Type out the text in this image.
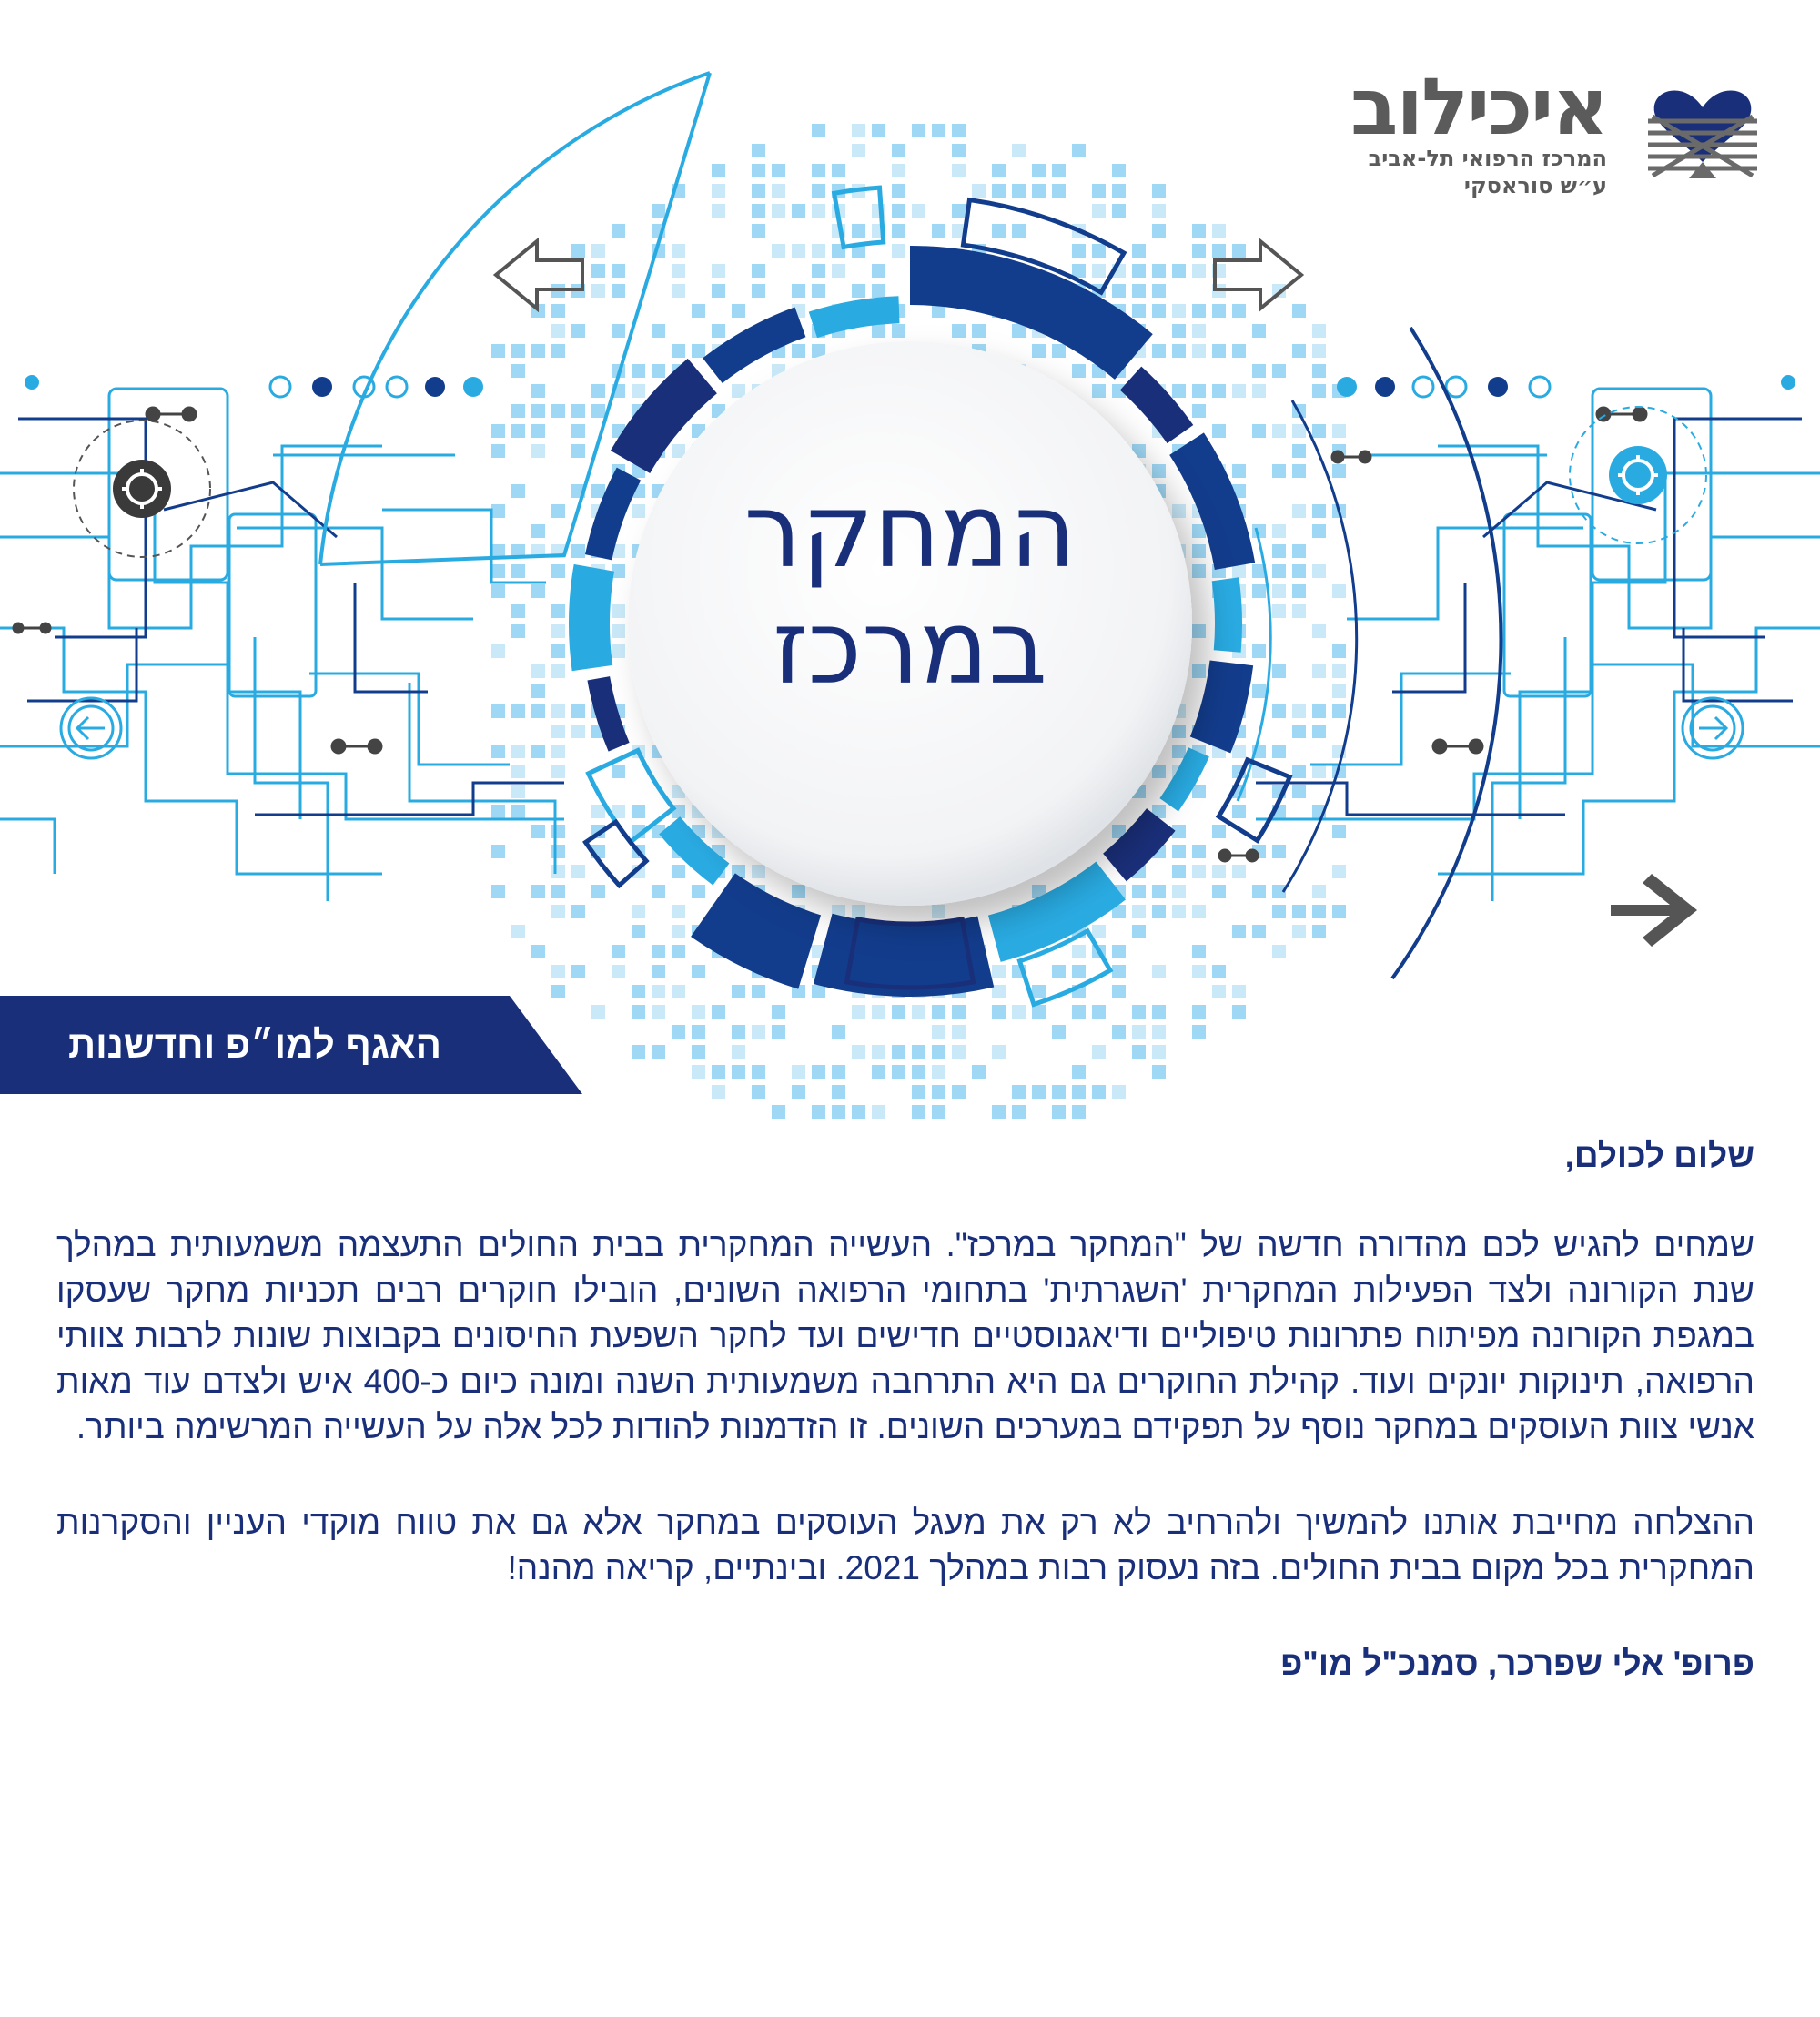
המחקר
במרכז
איכילוב
המרכז הרפואי תל-אביב
ע״ש סוראסקי
האגף למו״פ וחדשנות

שלום לכולם,

שמחים להגיש לכם מהדורה חדשה של "המחקר במרכז". העשייה המחקרית בבית החולים התעצמה משמעותית במהלך שנת הקורונה ולצד הפעילות המחקרית 'השגרתית' בתחומי הרפואה השונים, הובילו חוקרים רבים תכניות מחקר שעסקו במגפת הקורונה מפיתוח פתרונות טיפוליים ודיאגנוסטיים חדישים ועד לחקר השפעת החיסונים בקבוצות שונות לרבות צוותי הרפואה, תינוקות יונקים ועוד. קהילת החוקרים גם היא התרחבה משמעותית השנה ומונה כיום כ-400 איש ולצדם עוד מאות אנשי צוות העוסקים במחקר נוסף על תפקידם במערכים השונים. זו הזדמנות להודות לכל אלה על העשייה המרשימה ביותר.

ההצלחה מחייבת אותנו להמשיך ולהרחיב לא רק את מעגל העוסקים במחקר אלא גם את טווח מוקדי העניין והסקרנות המחקרית בכל מקום בבית החולים. בזה נעסוק רבות במהלך 2021. ובינתיים, קריאה מהנה!

פרופ' אלי שפרכר, סמנכ"ל מו"פ
